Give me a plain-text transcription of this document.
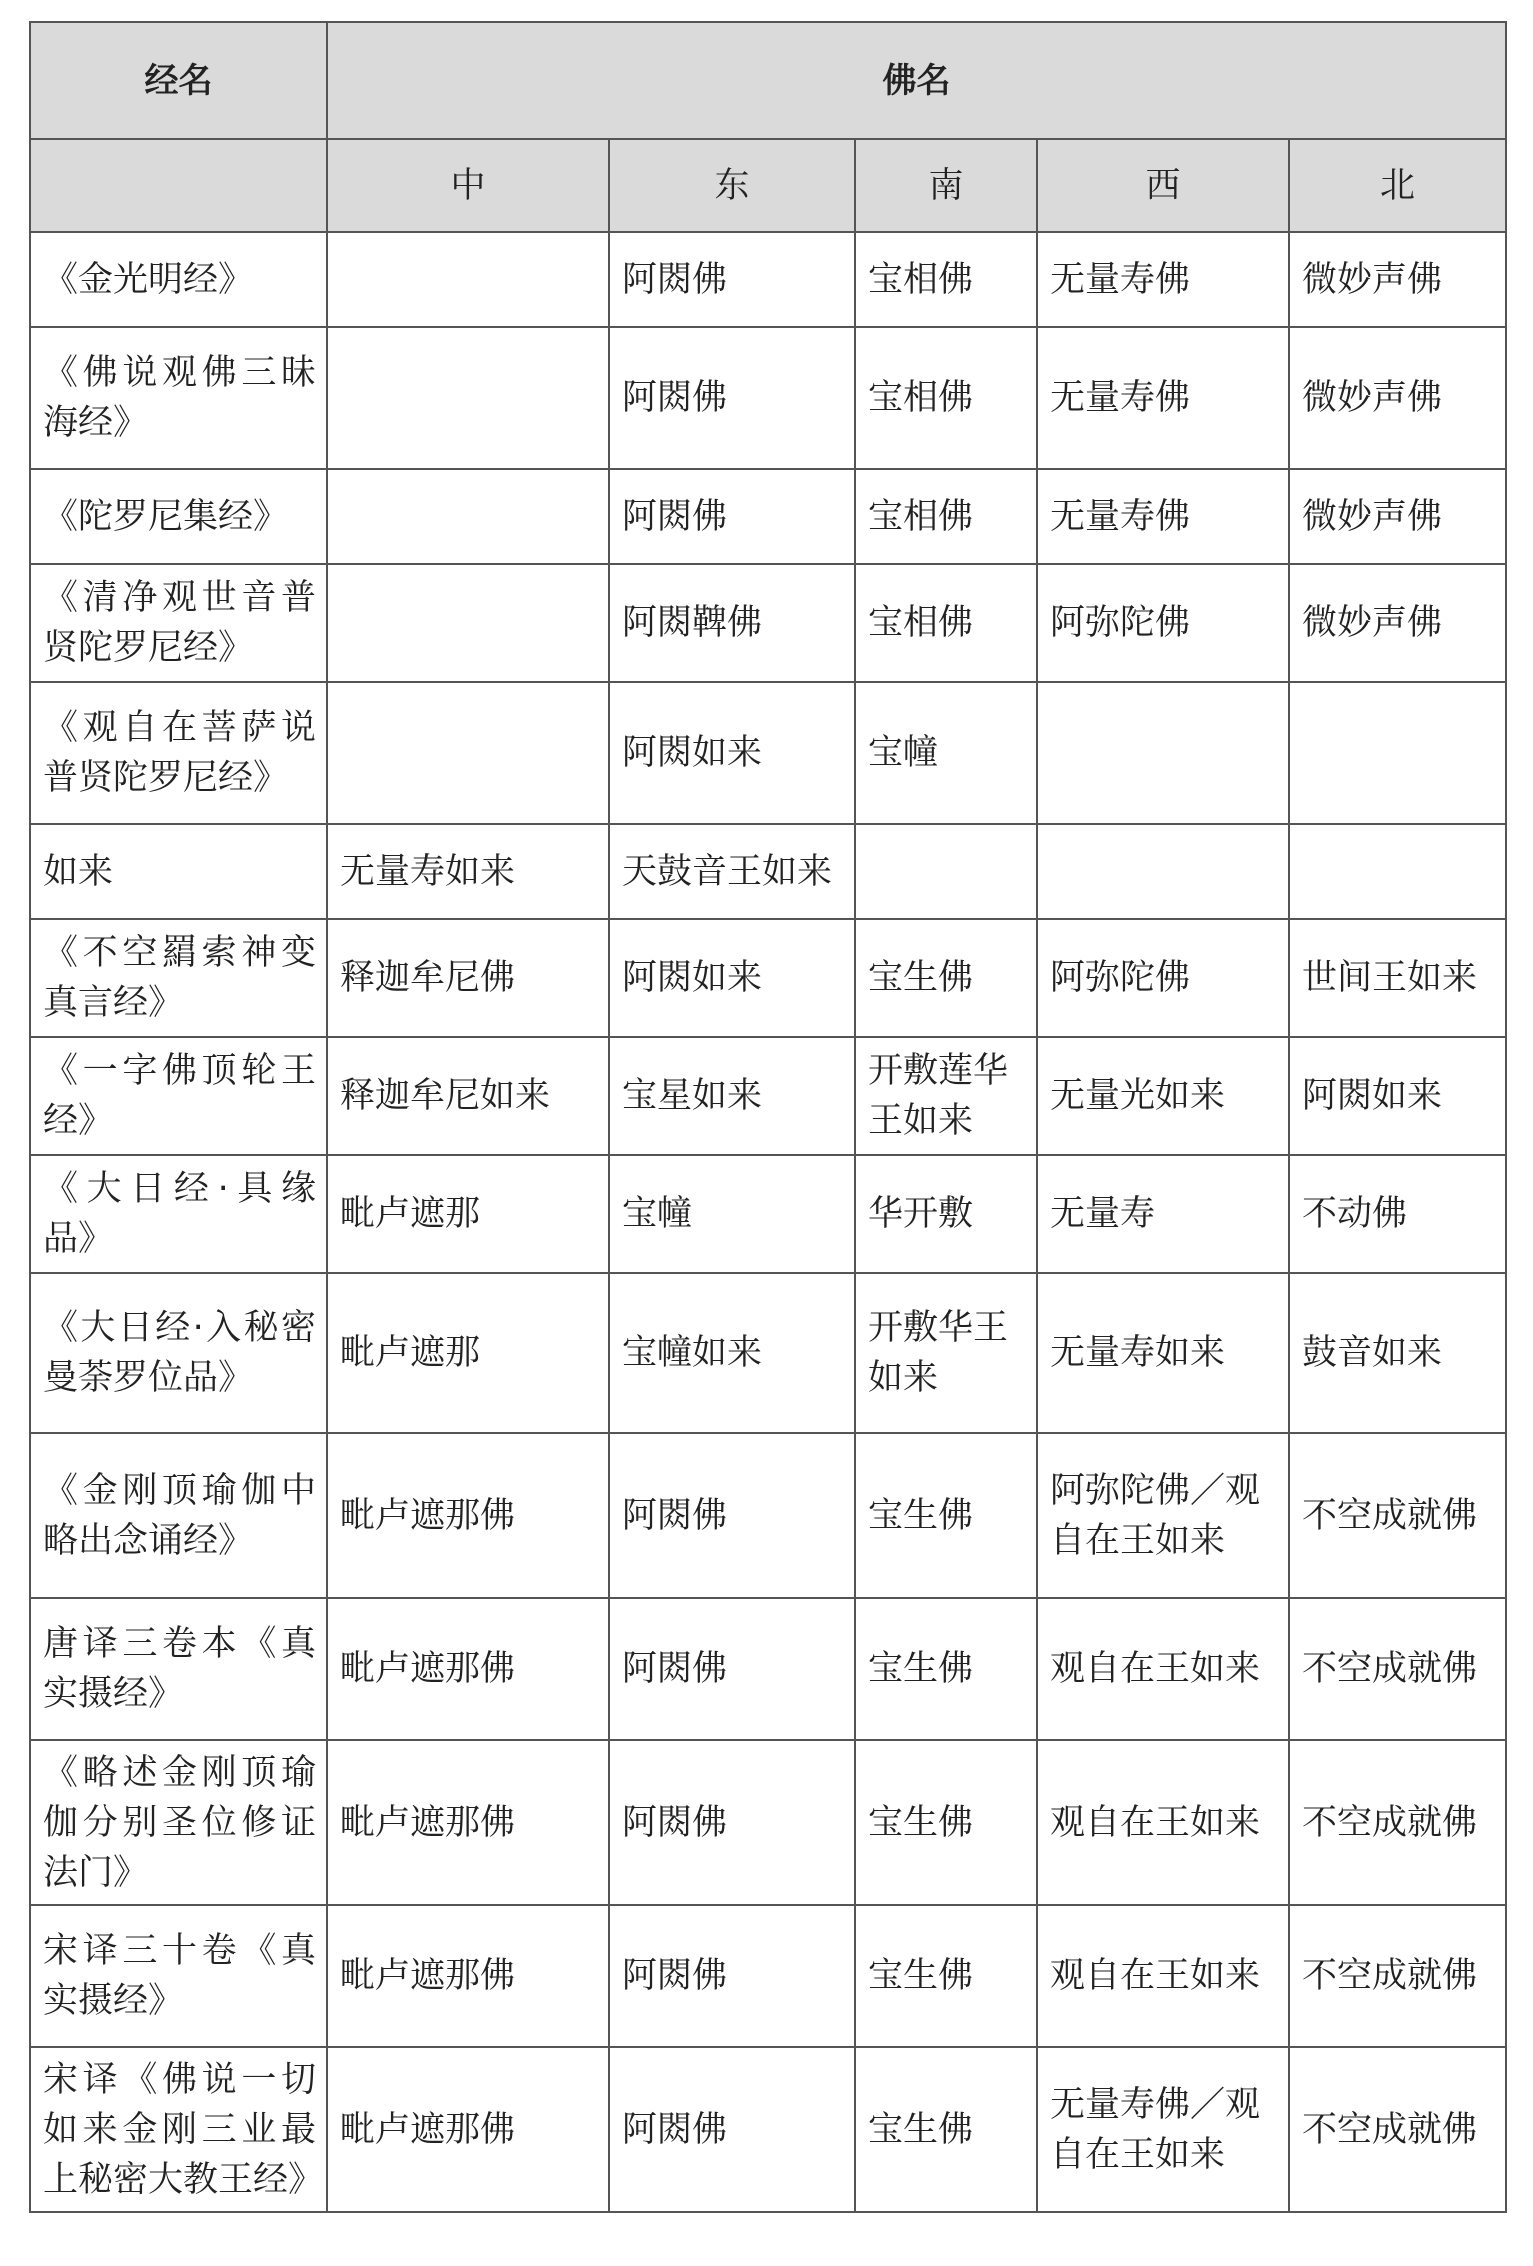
经名	佛名				
	中	东	南	西	北
《金光明经》		阿閦佛	宝相佛	无量寿佛	微妙声佛
《佛说观佛三昧海经》		阿閦佛	宝相佛	无量寿佛	微妙声佛
《陀罗尼集经》		阿閦佛	宝相佛	无量寿佛	微妙声佛
《清净观世音普贤陀罗尼经》		阿閦鞞佛	宝相佛	阿弥陀佛	微妙声佛
《观自在菩萨说普贤陀罗尼经》		阿閦如来	宝幢		
如来	无量寿如来	天鼓音王如来			
《不空羂索神变真言经》	释迦牟尼佛	阿閦如来	宝生佛	阿弥陀佛	世间王如来
《一字佛顶轮王经》	释迦牟尼如来	宝星如来	开敷莲华王如来	无量光如来	阿閦如来
《大日经·具缘品》	毗卢遮那	宝幢	华开敷	无量寿	不动佛
《大日经·入秘密曼荼罗位品》	毗卢遮那	宝幢如来	开敷华王如来	无量寿如来	鼓音如来
《金刚顶瑜伽中略出念诵经》	毗卢遮那佛	阿閦佛	宝生佛	阿弥陀佛／观自在王如来	不空成就佛
唐译三卷本《真实摄经》	毗卢遮那佛	阿閦佛	宝生佛	观自在王如来	不空成就佛
《略述金刚顶瑜伽分别圣位修证法门》	毗卢遮那佛	阿閦佛	宝生佛	观自在王如来	不空成就佛
宋译三十卷《真实摄经》	毗卢遮那佛	阿閦佛	宝生佛	观自在王如来	不空成就佛
宋译《佛说一切如来金刚三业最上秘密大教王经》	毗卢遮那佛	阿閦佛	宝生佛	无量寿佛／观自在王如来	不空成就佛
